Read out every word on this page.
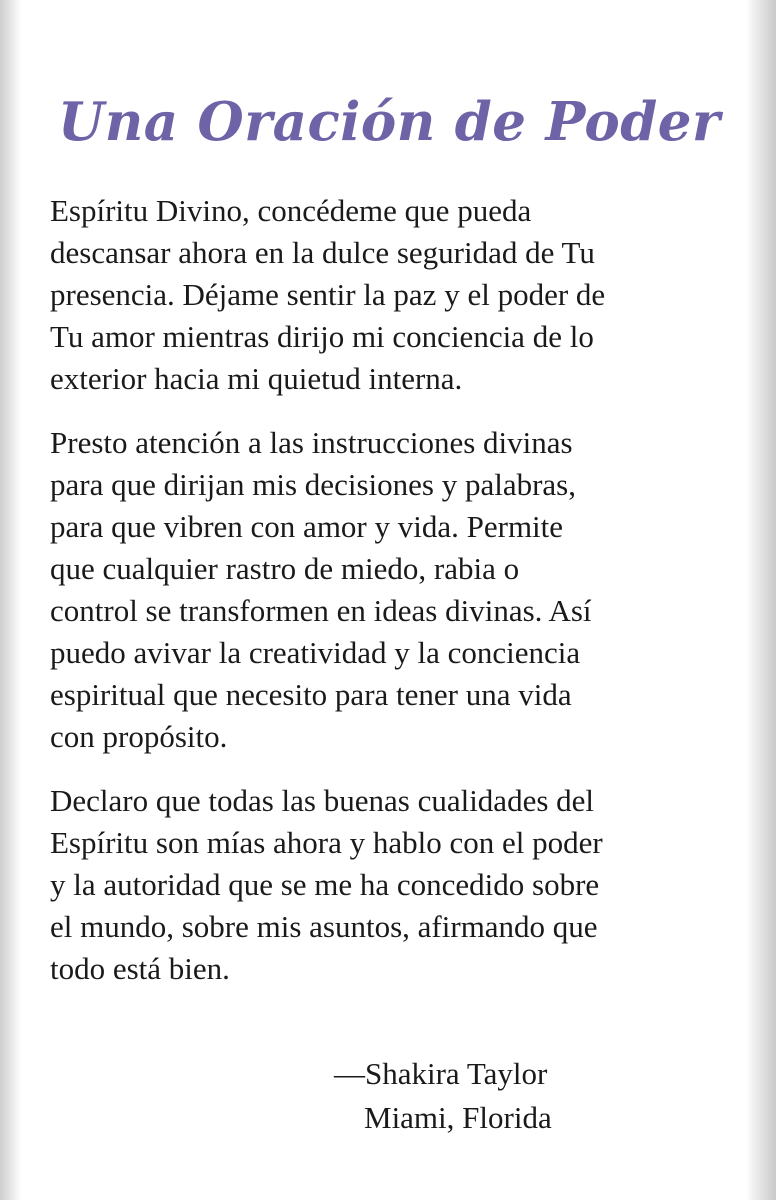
Una Oración de Poder

Espíritu Divino, concédeme que pueda
descansar ahora en la dulce seguridad de Tu
presencia. Déjame sentir la paz y el poder de
Tu amor mientras dirijo mi conciencia de lo
exterior hacia mi quietud interna.

Presto atención a las instrucciones divinas
para que dirijan mis decisiones y palabras,
para que vibren con amor y vida. Permite
que cualquier rastro de miedo, rabia o
control se transformen en ideas divinas. Así
puedo avivar la creatividad y la conciencia
espiritual que necesito para tener una vida
con propósito.

Declaro que todas las buenas cualidades del
Espíritu son mías ahora y hablo con el poder
y la autoridad que se me ha concedido sobre
el mundo, sobre mis asuntos, afirmando que
todo está bien.

—Shakira Taylor
Miami, Florida
